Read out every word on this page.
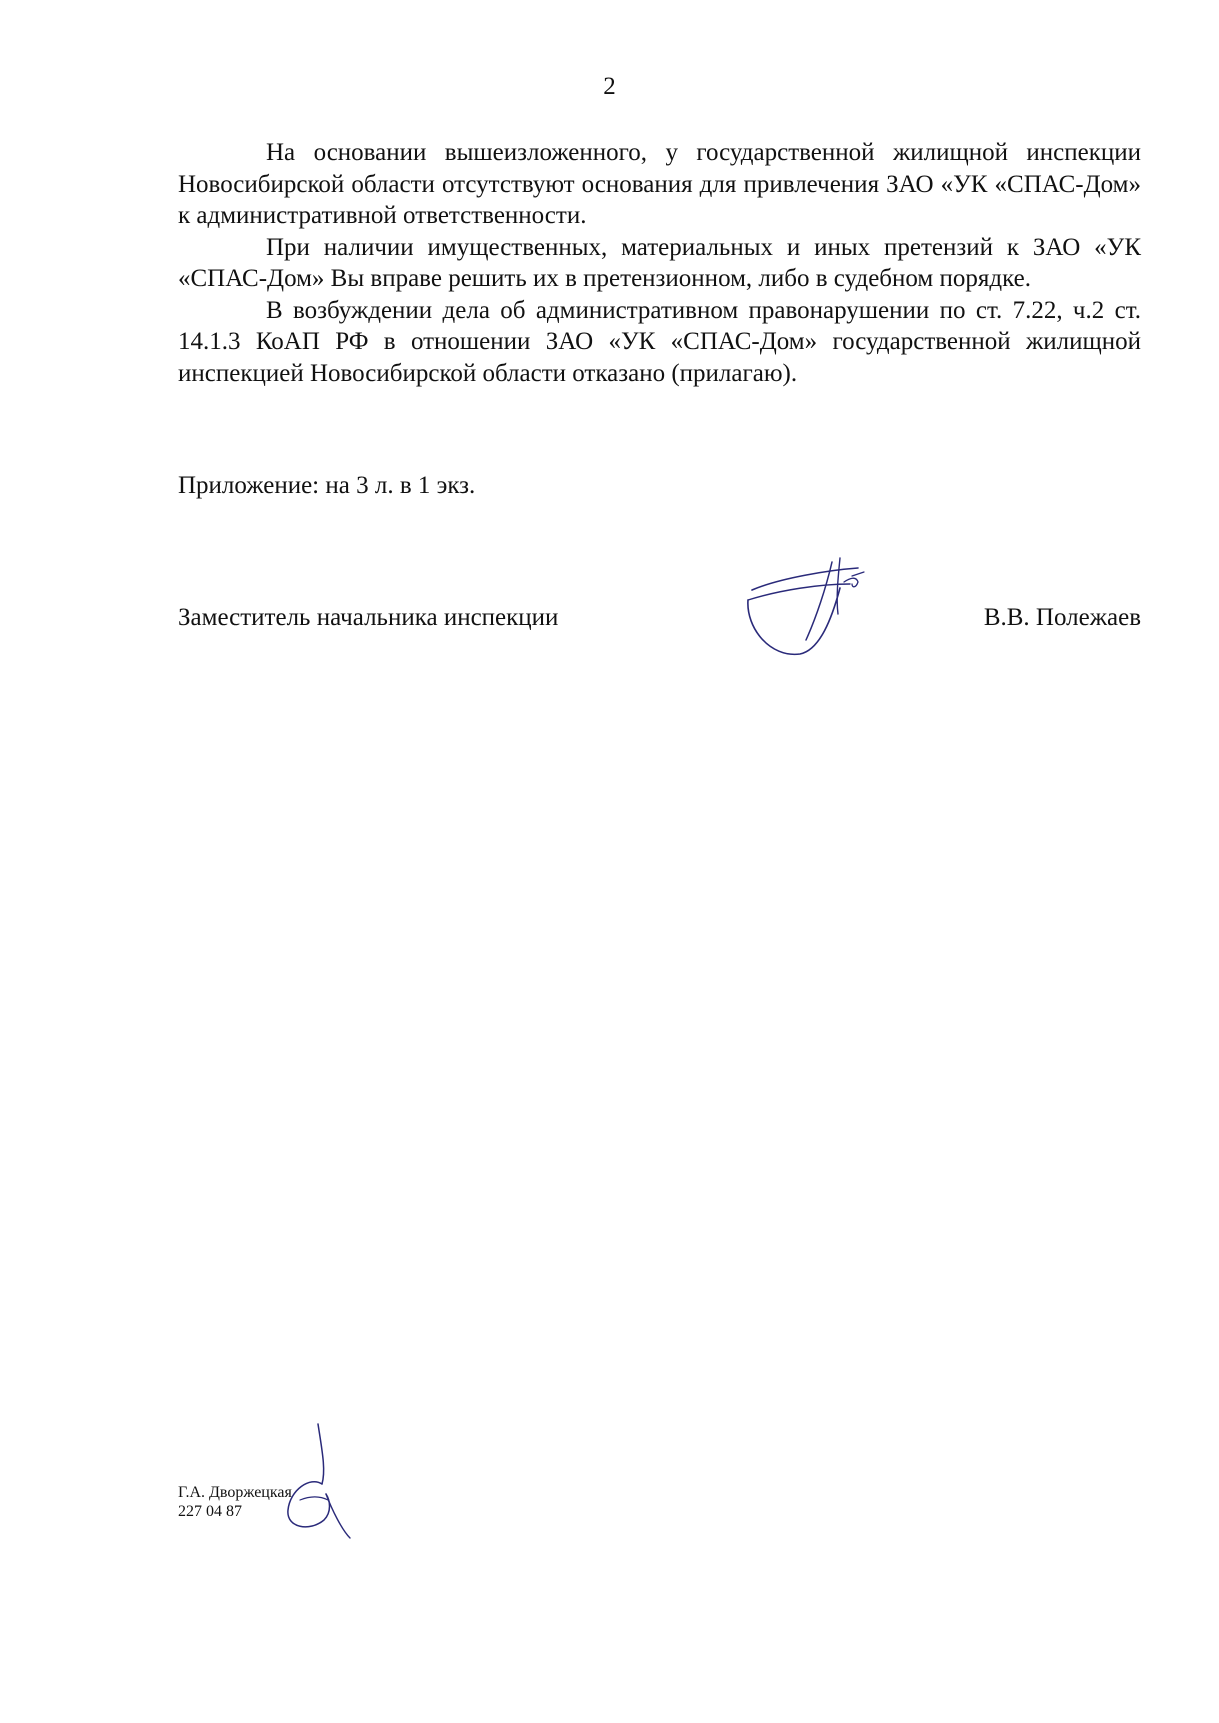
2

На основании вышеизложенного, у государственной жилищной инспекции Новосибирской области отсутствуют основания для привлечения ЗАО «УК «СПАС-Дом» к административной ответственности.

При наличии имущественных, материальных и иных претензий к ЗАО «УК «СПАС-Дом» Вы вправе решить их в претензионном, либо в судебном порядке.

В возбуждении дела об административном правонарушении по ст. 7.22, ч.2 ст. 14.1.3 КоАП РФ в отношении ЗАО «УК «СПАС-Дом» государственной жилищной инспекцией Новосибирской области отказано (прилагаю).

Приложение: на 3 л. в 1 экз.
Заместитель начальника инспекции	В.В. Полежаев
Г.А. Дворжецкая
227 04 87
